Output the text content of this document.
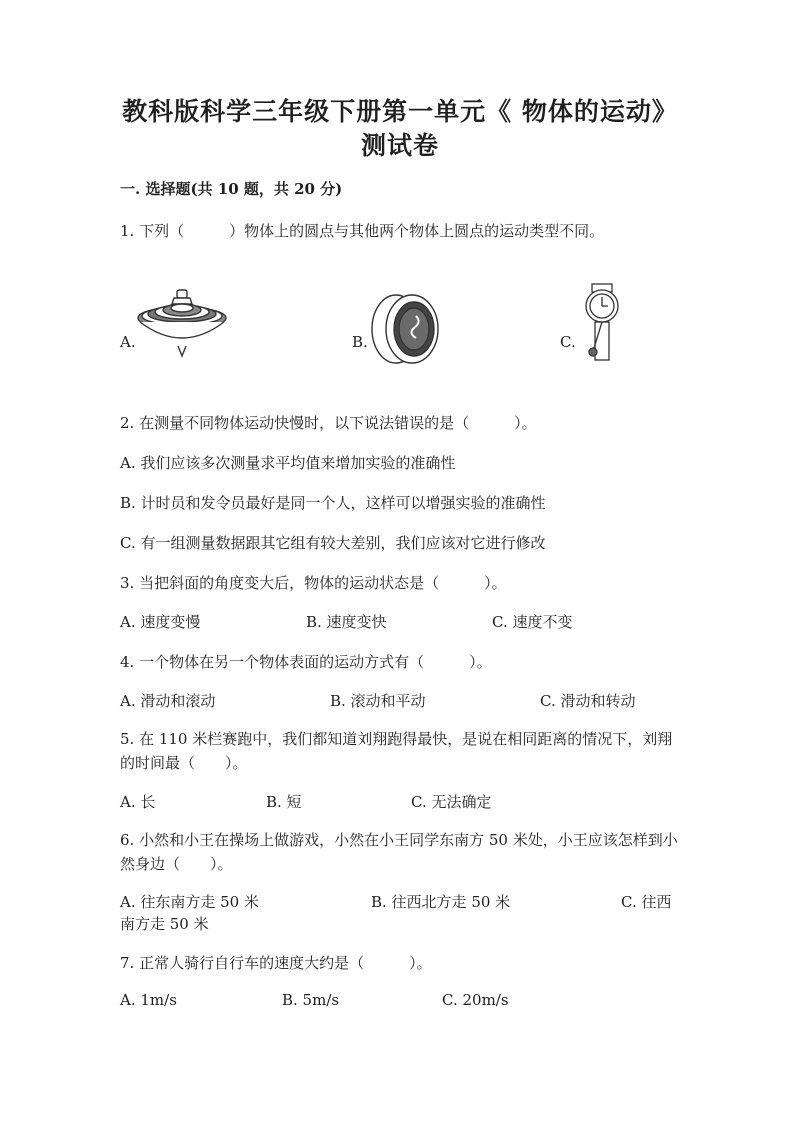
教科版科学三年级下册第一单元《 物体的运动》测试卷
一. 选择题(共 10 题，共 20 分)
1. 下列（　　　）物体上的圆点与其他两个物体上圆点的运动类型不同。
A.	B.	C.
2. 在测量不同物体运动快慢时，以下说法错误的是（　　　）。
A. 我们应该多次测量求平均值来增加实验的准确性
B. 计时员和发令员最好是同一个人，这样可以增强实验的准确性
C. 有一组测量数据跟其它组有较大差别，我们应该对它进行修改
3. 当把斜面的角度变大后，物体的运动状态是（　　　）。
A. 速度变慢	B. 速度变快	C. 速度不变
4. 一个物体在另一个物体表面的运动方式有（　　　）。
A. 滑动和滚动	B. 滚动和平动	C. 滑动和转动
5. 在 110 米栏赛跑中，我们都知道刘翔跑得最快，是说在相同距离的情况下，刘翔的时间最（　　）。
A. 长	B. 短	C. 无法确定
6. 小然和小王在操场上做游戏，小然在小王同学东南方 50 米处，小王应该怎样到小然身边（　　）。
A. 往东南方走 50 米	B. 往西北方走 50 米	C. 往西
南方走 50 米
7. 正常人骑行自行车的速度大约是（　　　）。
A. 1m/s	B. 5m/s	C. 20m/s
